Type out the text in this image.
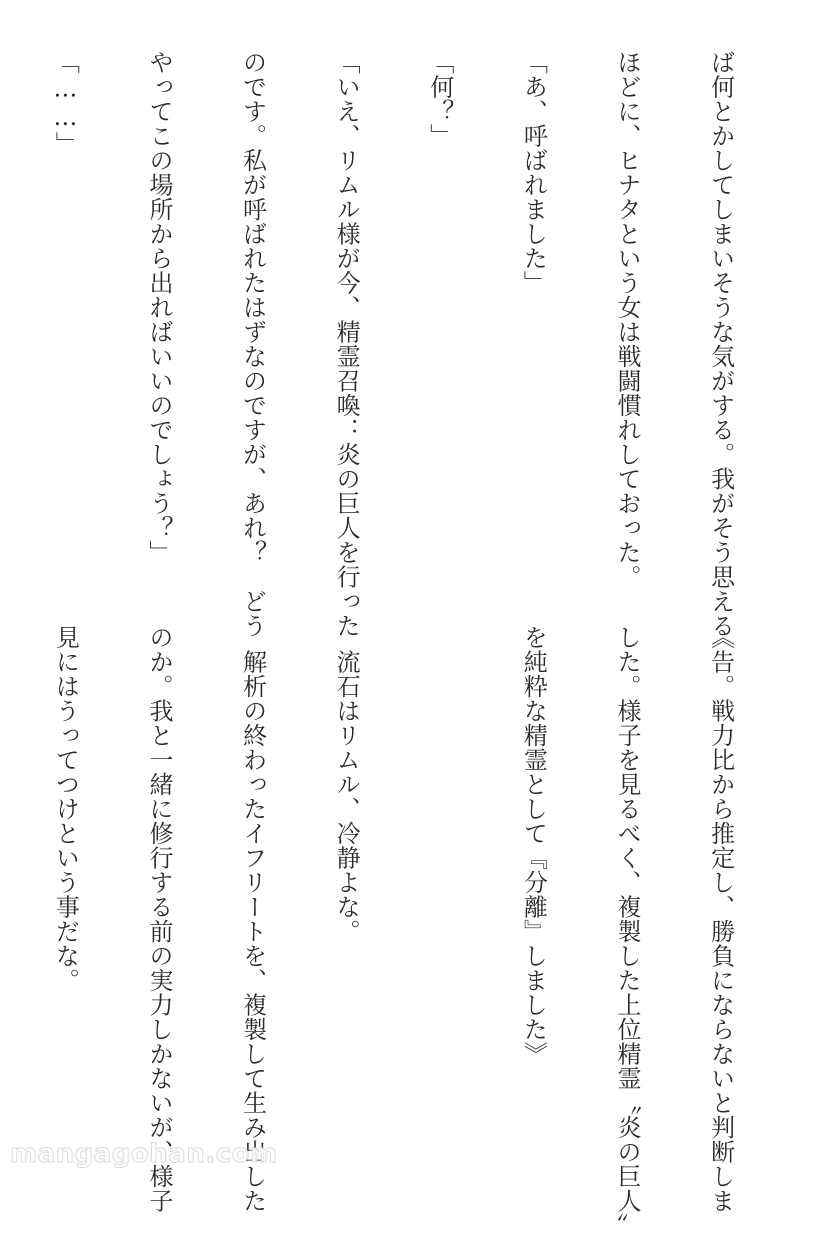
ば何とかしてしまいそうな気がする。我がそう思える

ほどに、ヒナタという女は戦闘慣れしておった。

「あ、呼ばれました」

「何？」

「いえ、リムル様が今、精霊召喚：炎の巨人を行った

のです。私が呼ばれたはずなのですが、あれ？　どう

やってこの場所から出ればいいのでしょう？」

「……」

《告。戦力比から推定し、勝負にならないと判断しま

した。様子を見るべく、複製した上位精霊〝炎の巨人〟

を純粋な精霊として『分離』しました》

　流石はリムル、冷静よな。

　解析の終わったイフリートを、複製して生み出した

のか。我と一緒に修行する前の実力しかないが、様子

見にはうってつけという事だな。

mangagohan.com
